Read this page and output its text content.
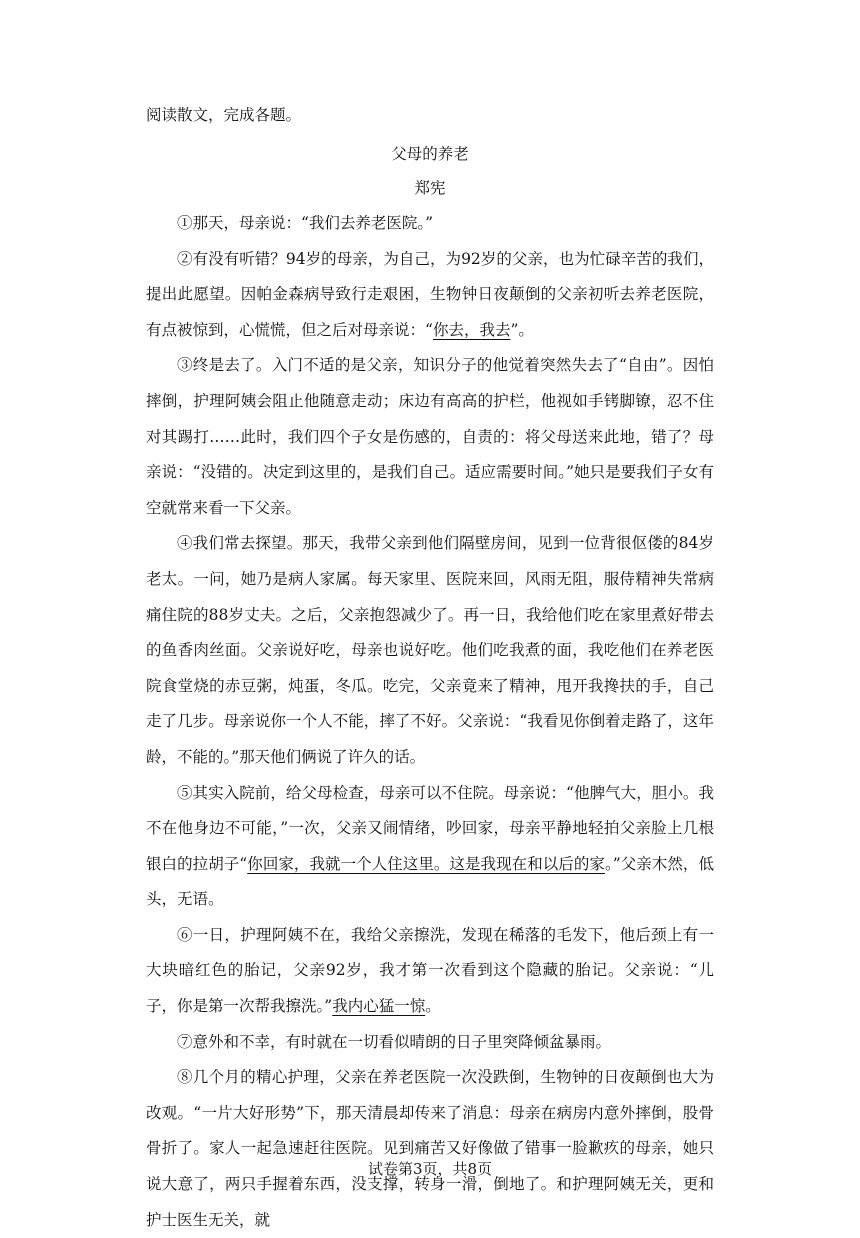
阅读散文，完成各题。
父母的养老
郑宪

①那天，母亲说：“我们去养老医院。”

②有没有听错？94岁的母亲，为自己，为92岁的父亲，也为忙碌辛苦的我们，提出此愿望。因帕金森病导致行走艰困，生物钟日夜颠倒的父亲初听去养老医院，有点被惊到，心慌慌，但之后对母亲说：“你去，我去”。

③终是去了。入门不适的是父亲，知识分子的他觉着突然失去了“自由”。因怕摔倒，护理阿姨会阻止他随意走动；床边有高高的护栏，他视如手铐脚镣，忍不住对其踢打……此时，我们四个子女是伤感的，自责的：将父母送来此地，错了？母亲说：“没错的。决定到这里的，是我们自己。适应需要时间。”她只是要我们子女有空就常来看一下父亲。

④我们常去探望。那天，我带父亲到他们隔壁房间，见到一位背很伛偻的84岁老太。一问，她乃是病人家属。每天家里、医院来回，风雨无阻，服侍精神失常病痛住院的88岁丈夫。之后，父亲抱怨减少了。再一日，我给他们吃在家里煮好带去的鱼香肉丝面。父亲说好吃，母亲也说好吃。他们吃我煮的面，我吃他们在养老医院食堂烧的赤豆粥，炖蛋，冬瓜。吃完，父亲竟来了精神，甩开我搀扶的手，自己走了几步。母亲说你一个人不能，摔了不好。父亲说：“我看见你倒着走路了，这年龄，不能的。”那天他们俩说了许久的话。

⑤其实入院前，给父母检查，母亲可以不住院。母亲说：“他脾气大，胆小。我不在他身边不可能，”一次，父亲又闹情绪，吵回家，母亲平静地轻拍父亲脸上几根银白的拉胡子“你回家，我就一个人住这里。这是我现在和以后的家。”父亲木然，低头，无语。

⑥一日，护理阿姨不在，我给父亲擦洗，发现在稀落的毛发下，他后颈上有一大块暗红色的胎记，父亲92岁，我才第一次看到这个隐藏的胎记。父亲说：“儿子，你是第一次帮我擦洗。”我内心猛一惊。

⑦意外和不幸，有时就在一切看似晴朗的日子里突降倾盆暴雨。

⑧几个月的精心护理，父亲在养老医院一次没跌倒，生物钟的日夜颠倒也大为改观。“一片大好形势”下，那天清晨却传来了消息：母亲在病房内意外摔倒，股骨骨折了。家人一起急速赶往医院。见到痛苦又好像做了错事一脸歉疚的母亲，她只说大意了，两只手握着东西，没支撑，转身一滑，倒地了。和护理阿姨无关，更和护士医生无关，就

试卷第3页，共8页
